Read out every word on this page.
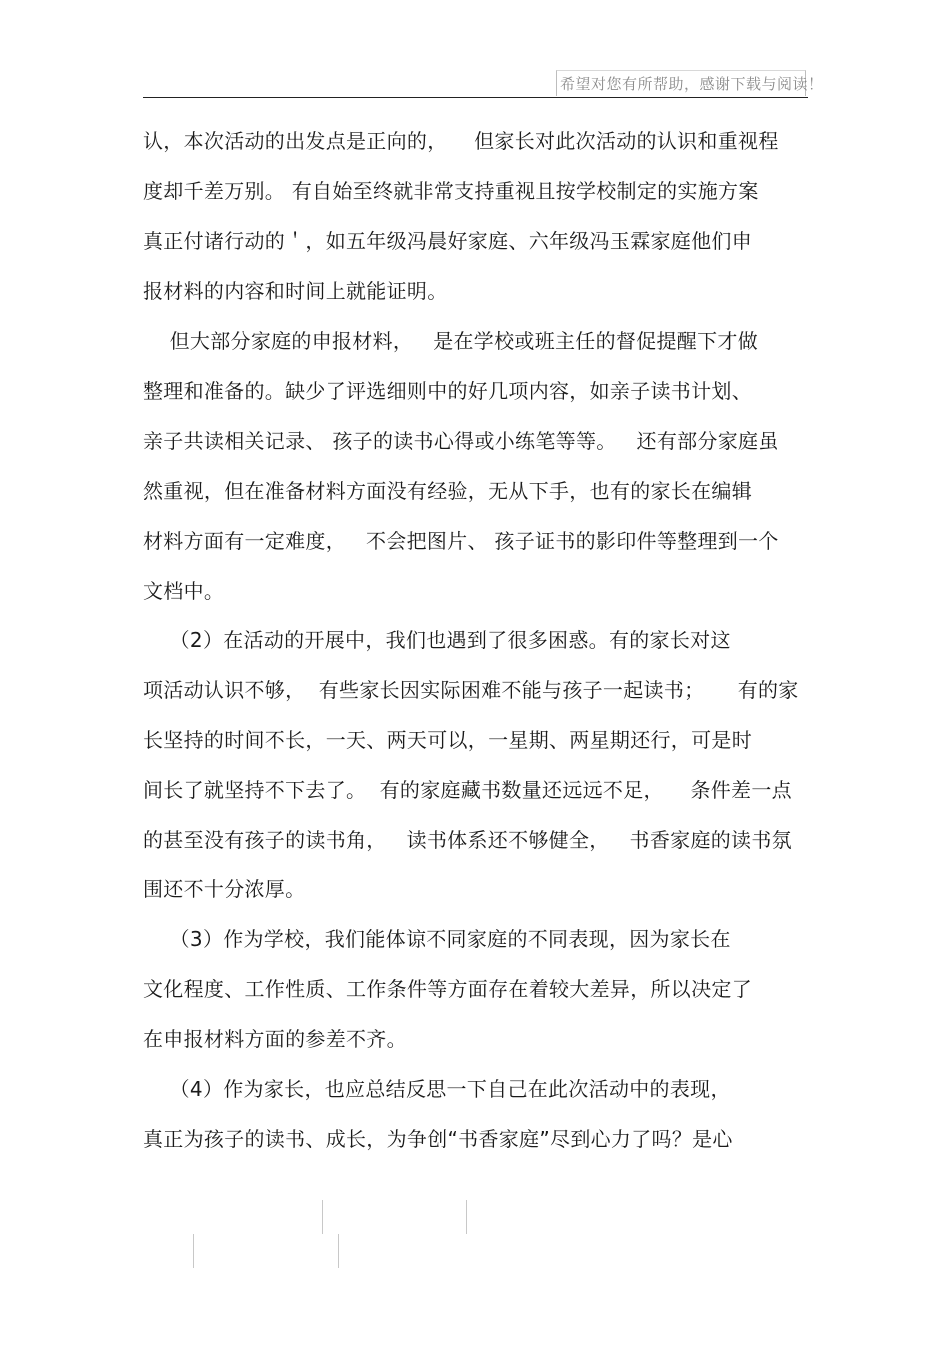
希望对您有所帮助，感谢下载与阅读！
认，本次活动的出发点是正向的，    但家长对此次活动的认识和重视程
度却千差万别。 有自始至终就非常支持重视且按学校制定的实施方案
真正付诸行动的＇，如五年级冯晨好家庭、六年级冯玉霖家庭他们申
报材料的内容和时间上就能证明。
但大部分家庭的申报材料，   是在学校或班主任的督促提醒下才做
整理和准备的。缺少了评选细则中的好几项内容，如亲子读书计划、
亲子共读相关记录、 孩子的读书心得或小练笔等等。   还有部分家庭虽
然重视，但在准备材料方面没有经验，无从下手，也有的家长在编辑
材料方面有一定难度，   不会把图片、 孩子证书的影印件等整理到一个
文档中。
（2）在活动的开展中，我们也遇到了很多困惑。有的家长对这
项活动认识不够，  有些家长因实际困难不能与孩子一起读书；     有的家
长坚持的时间不长，一天、两天可以，一星期、两星期还行，可是时
间长了就坚持不下去了。  有的家庭藏书数量还远远不足，    条件差一点
的甚至没有孩子的读书角，   读书体系还不够健全，   书香家庭的读书氛
围还不十分浓厚。
（3）作为学校，我们能体谅不同家庭的不同表现，因为家长在
文化程度、工作性质、工作条件等方面存在着较大差异，所以决定了
在申报材料方面的参差不齐。
（4）作为家长，也应总结反思一下自己在此次活动中的表现，
真正为孩子的读书、成长，为争创“书香家庭”尽到心力了吗？是心
